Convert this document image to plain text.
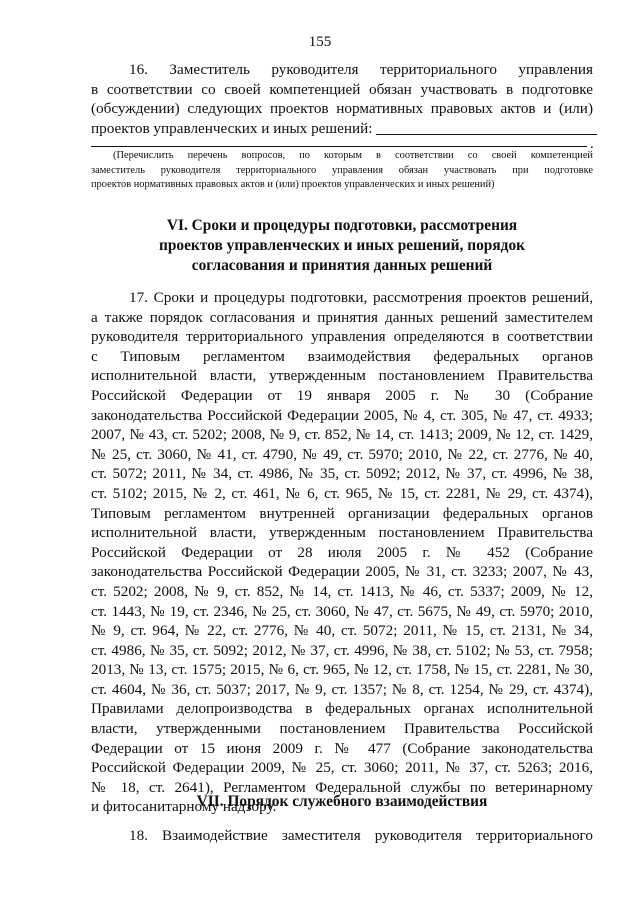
155
16. Заместитель руководителя территориального управления
в соответствии со своей компетенцией обязан участвовать в подготовке
(обсуждении) следующих проектов нормативных правовых актов и (или)
проектов управленческих и иных решений:
.
(Перечислить перечень вопросов, по которым в соответствии со своей компетенцией
заместитель руководителя территориального управления обязан участвовать при подготовке
проектов нормативных правовых актов и (или) проектов управленческих и иных решений)
VI. Сроки и процедуры подготовки, рассмотрения
проектов управленческих и иных решений, порядок
согласования и принятия данных решений
17. Сроки и процедуры подготовки, рассмотрения проектов решений,
а также порядок согласования и принятия данных решений заместителем
руководителя территориального управления определяются в соответствии
с Типовым регламентом взаимодействия федеральных органов
исполнительной власти, утвержденным постановлением Правительства
Российской Федерации от 19 января 2005 г. № 30 (Собрание
законодательства Российской Федерации 2005, № 4, ст. 305, № 47, ст. 4933;
2007, № 43, ст. 5202; 2008, № 9, ст. 852, № 14, ст. 1413; 2009, № 12, ст. 1429,
№ 25, ст. 3060, № 41, ст. 4790, № 49, ст. 5970; 2010, № 22, ст. 2776, № 40,
ст. 5072; 2011, № 34, ст. 4986, № 35, ст. 5092; 2012, № 37, ст. 4996, № 38,
ст. 5102; 2015, № 2, ст. 461, № 6, ст. 965, № 15, ст. 2281, № 29, ст. 4374),
Типовым регламентом внутренней организации федеральных органов
исполнительной власти, утвержденным постановлением Правительства
Российской Федерации от 28 июля 2005 г. № 452 (Собрание
законодательства Российской Федерации 2005, № 31, ст. 3233; 2007, № 43,
ст. 5202; 2008, № 9, ст. 852, № 14, ст. 1413, № 46, ст. 5337; 2009, № 12,
ст. 1443, № 19, ст. 2346, № 25, ст. 3060, № 47, ст. 5675, № 49, ст. 5970; 2010,
№ 9, ст. 964, № 22, ст. 2776, № 40, ст. 5072; 2011, № 15, ст. 2131, № 34,
ст. 4986, № 35, ст. 5092; 2012, № 37, ст. 4996, № 38, ст. 5102; № 53, ст. 7958;
2013, № 13, ст. 1575; 2015, № 6, ст. 965, № 12, ст. 1758, № 15, ст. 2281, № 30,
ст. 4604, № 36, ст. 5037; 2017, № 9, ст. 1357; № 8, ст. 1254, № 29, ст. 4374),
Правилами делопроизводства в федеральных органах исполнительной
власти, утвержденными постановлением Правительства Российской
Федерации от 15 июня 2009 г. № 477 (Собрание законодательства
Российской Федерации 2009, № 25, ст. 3060; 2011, № 37, ст. 5263; 2016,
№ 18, ст. 2641), Регламентом Федеральной службы по ветеринарному
и фитосанитарному надзору.
VII. Порядок служебного взаимодействия
18. Взаимодействие заместителя руководителя территориального
